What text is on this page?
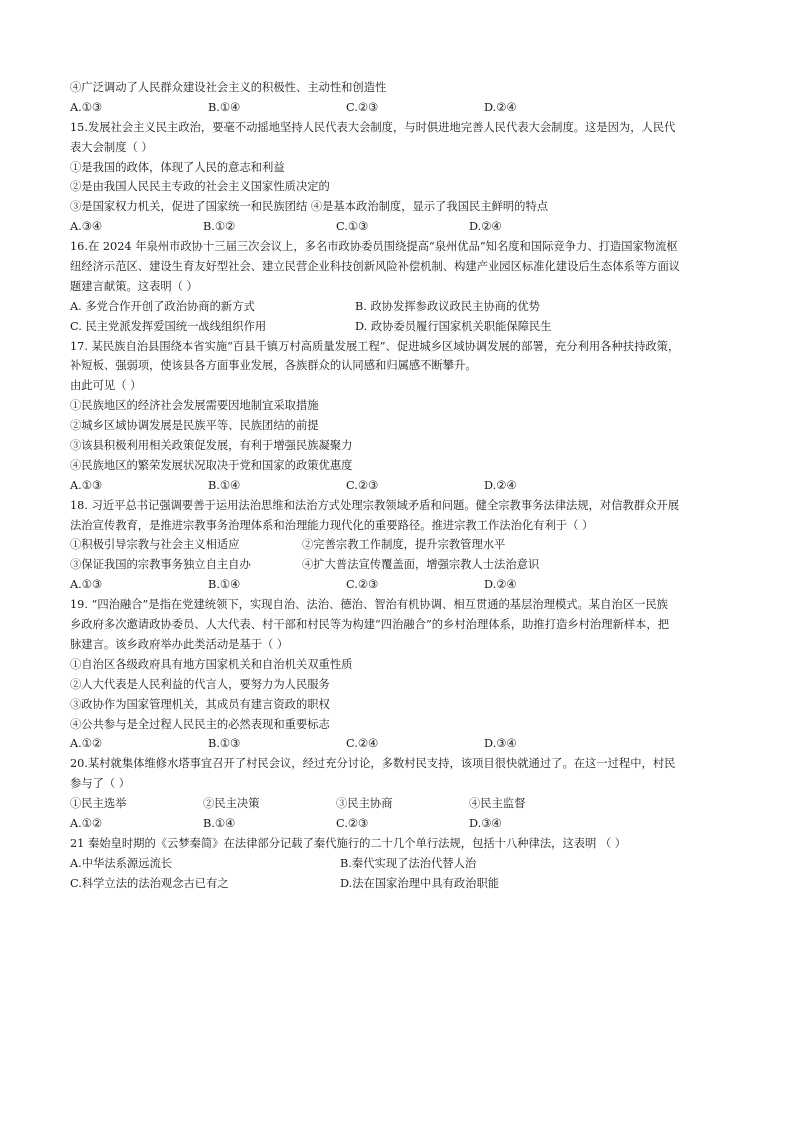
④广泛调动了人民群众建设社会主义的积极性、主动性和创造性
A.①③	B.①④	C.②③	D.②④
15.发展社会主义民主政治，要毫不动摇地坚持人民代表大会制度，与时俱进地完善人民代表大会制度。这是因为，人民代
表大会制度（ ）
①是我国的政体，体现了人民的意志和利益
②是由我国人民民主专政的社会主义国家性质决定的
③是国家权力机关，促进了国家统一和民族团结 ④是基本政治制度，显示了我国民主鲜明的特点
A.③④	B.①②	C.①③	D.②④
16.在 2024 年泉州市政协十三届三次会议上，多名市政协委员围绕提高“泉州优品”知名度和国际竞争力、打造国家物流枢
纽经济示范区、建设生育友好型社会、建立民营企业科技创新风险补偿机制、构建产业园区标准化建设后生态体系等方面议
题建言献策。这表明（ ）
A. 多党合作开创了政治协商的新方式	B. 政协发挥参政议政民主协商的优势
C. 民主党派发挥爱国统一战线组织作用	D. 政协委员履行国家机关职能保障民生
17. 某民族自治县围绕本省实施“百县千镇万村高质量发展工程”、促进城乡区域协调发展的部署，充分利用各种扶持政策，
补短板、强弱项，使该县各方面事业发展，各族群众的认同感和归属感不断攀升。
由此可见（ ）
①民族地区的经济社会发展需要因地制宜采取措施
②城乡区域协调发展是民族平等、民族团结的前提
③该县积极利用相关政策促发展，有利于增强民族凝聚力
④民族地区的繁荣发展状况取决于党和国家的政策优惠度
A.①③	B.①④	C.②③	D.②④
18. 习近平总书记强调要善于运用法治思维和法治方式处理宗教领域矛盾和问题。健全宗教事务法律法规，对信教群众开展
法治宣传教育，是推进宗教事务治理体系和治理能力现代化的重要路径。推进宗教工作法治化有利于（ ）
①积极引导宗教与社会主义相适应	②完善宗教工作制度，提升宗教管理水平
③保证我国的宗教事务独立自主自办	④扩大普法宣传覆盖面，增强宗教人士法治意识
A.①③	B.①④	C.②③	D.②④
19. “四治融合”是指在党建统领下，实现自治、法治、德治、智治有机协调、相互贯通的基层治理模式。某自治区一民族
乡政府多次邀请政协委员、人大代表、村干部和村民等为构建“四治融合”的乡村治理体系，助推打造乡村治理新样本，把
脉建言。该乡政府举办此类活动是基于（ ）
①自治区各级政府具有地方国家机关和自治机关双重性质
②人大代表是人民利益的代言人，要努力为人民服务
③政协作为国家管理机关，其成员有建言资政的职权
④公共参与是全过程人民民主的必然表现和重要标志
A.①②	B.①③	C.②④	D.③④
20.某村就集体维修水塔事宜召开了村民会议，经过充分讨论，多数村民支持，该项目很快就通过了。在这一过程中，村民
参与了（ ）
①民主选举	②民主决策	③民主协商	④民主监督
A.①②	B.①④	C.②③	D.③④
21 秦始皇时期的《云梦秦简》在法律部分记载了秦代施行的二十几个单行法规，包括十八种律法，这表明 （ ）
A.中华法系源远流长	B.秦代实现了法治代替人治
C.科学立法的法治观念古已有之	D.法在国家治理中具有政治职能
